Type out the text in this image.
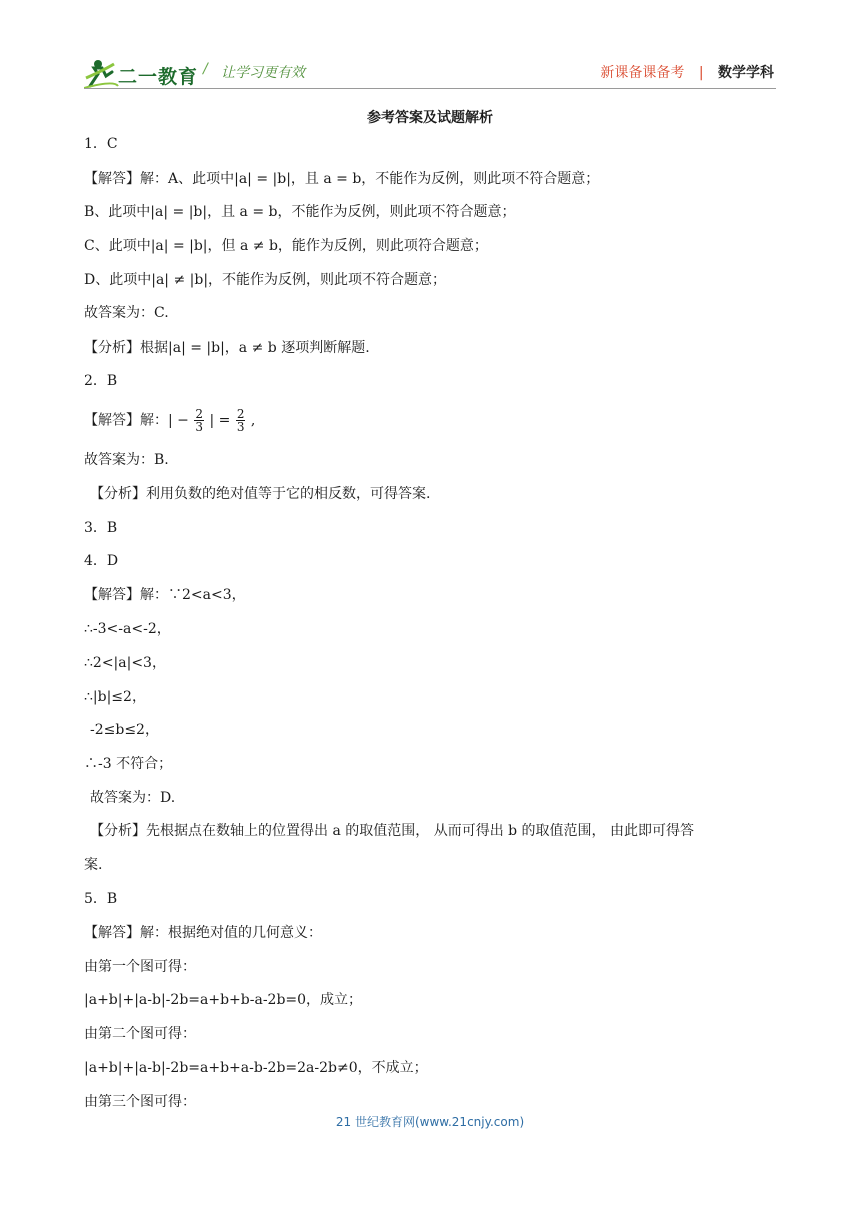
二一教育 / 让学习更有效	新课备课备考 | 数学学科
参考答案及试题解析
1．C
【解答】解：A、此项中|a| = |b|，且 a = b，不能作为反例，则此项不符合题意；
B、此项中|a| = |b|，且 a = b，不能作为反例，则此项不符合题意；
C、此项中|a| = |b|，但 a ≠ b，能作为反例，则此项符合题意；
D、此项中|a| ≠ |b|，不能作为反例，则此项不符合题意；
故答案为：C.
【分析】根据|a| = |b|，a ≠ b 逐项判断解题.
2．B
【解答】解：| − $\frac{2}{3}$ | = $\frac{2}{3}$ ,
故答案为：B.
【分析】利用负数的绝对值等于它的相反数，可得答案.
3．B
4．D
【解答】解：∵2<a<3，
∴-3<-a<-2，
∴2<|a|<3，
∴|b|≤2，
-2≤b≤2，
∴-3 不符合；
故答案为：D.
【分析】先根据点在数轴上的位置得出 a 的取值范围， 从而可得出 b 的取值范围， 由此即可得答
案.
5．B
【解答】解：根据绝对值的几何意义：
由第一个图可得：
|a+b|+|a-b|-2b=a+b+b-a-2b=0，成立；
由第二个图可得：
|a+b|+|a-b|-2b=a+b+a-b-2b=2a-2b≠0，不成立；
由第三个图可得：
21 世纪教育网(www.21cnjy.com)
